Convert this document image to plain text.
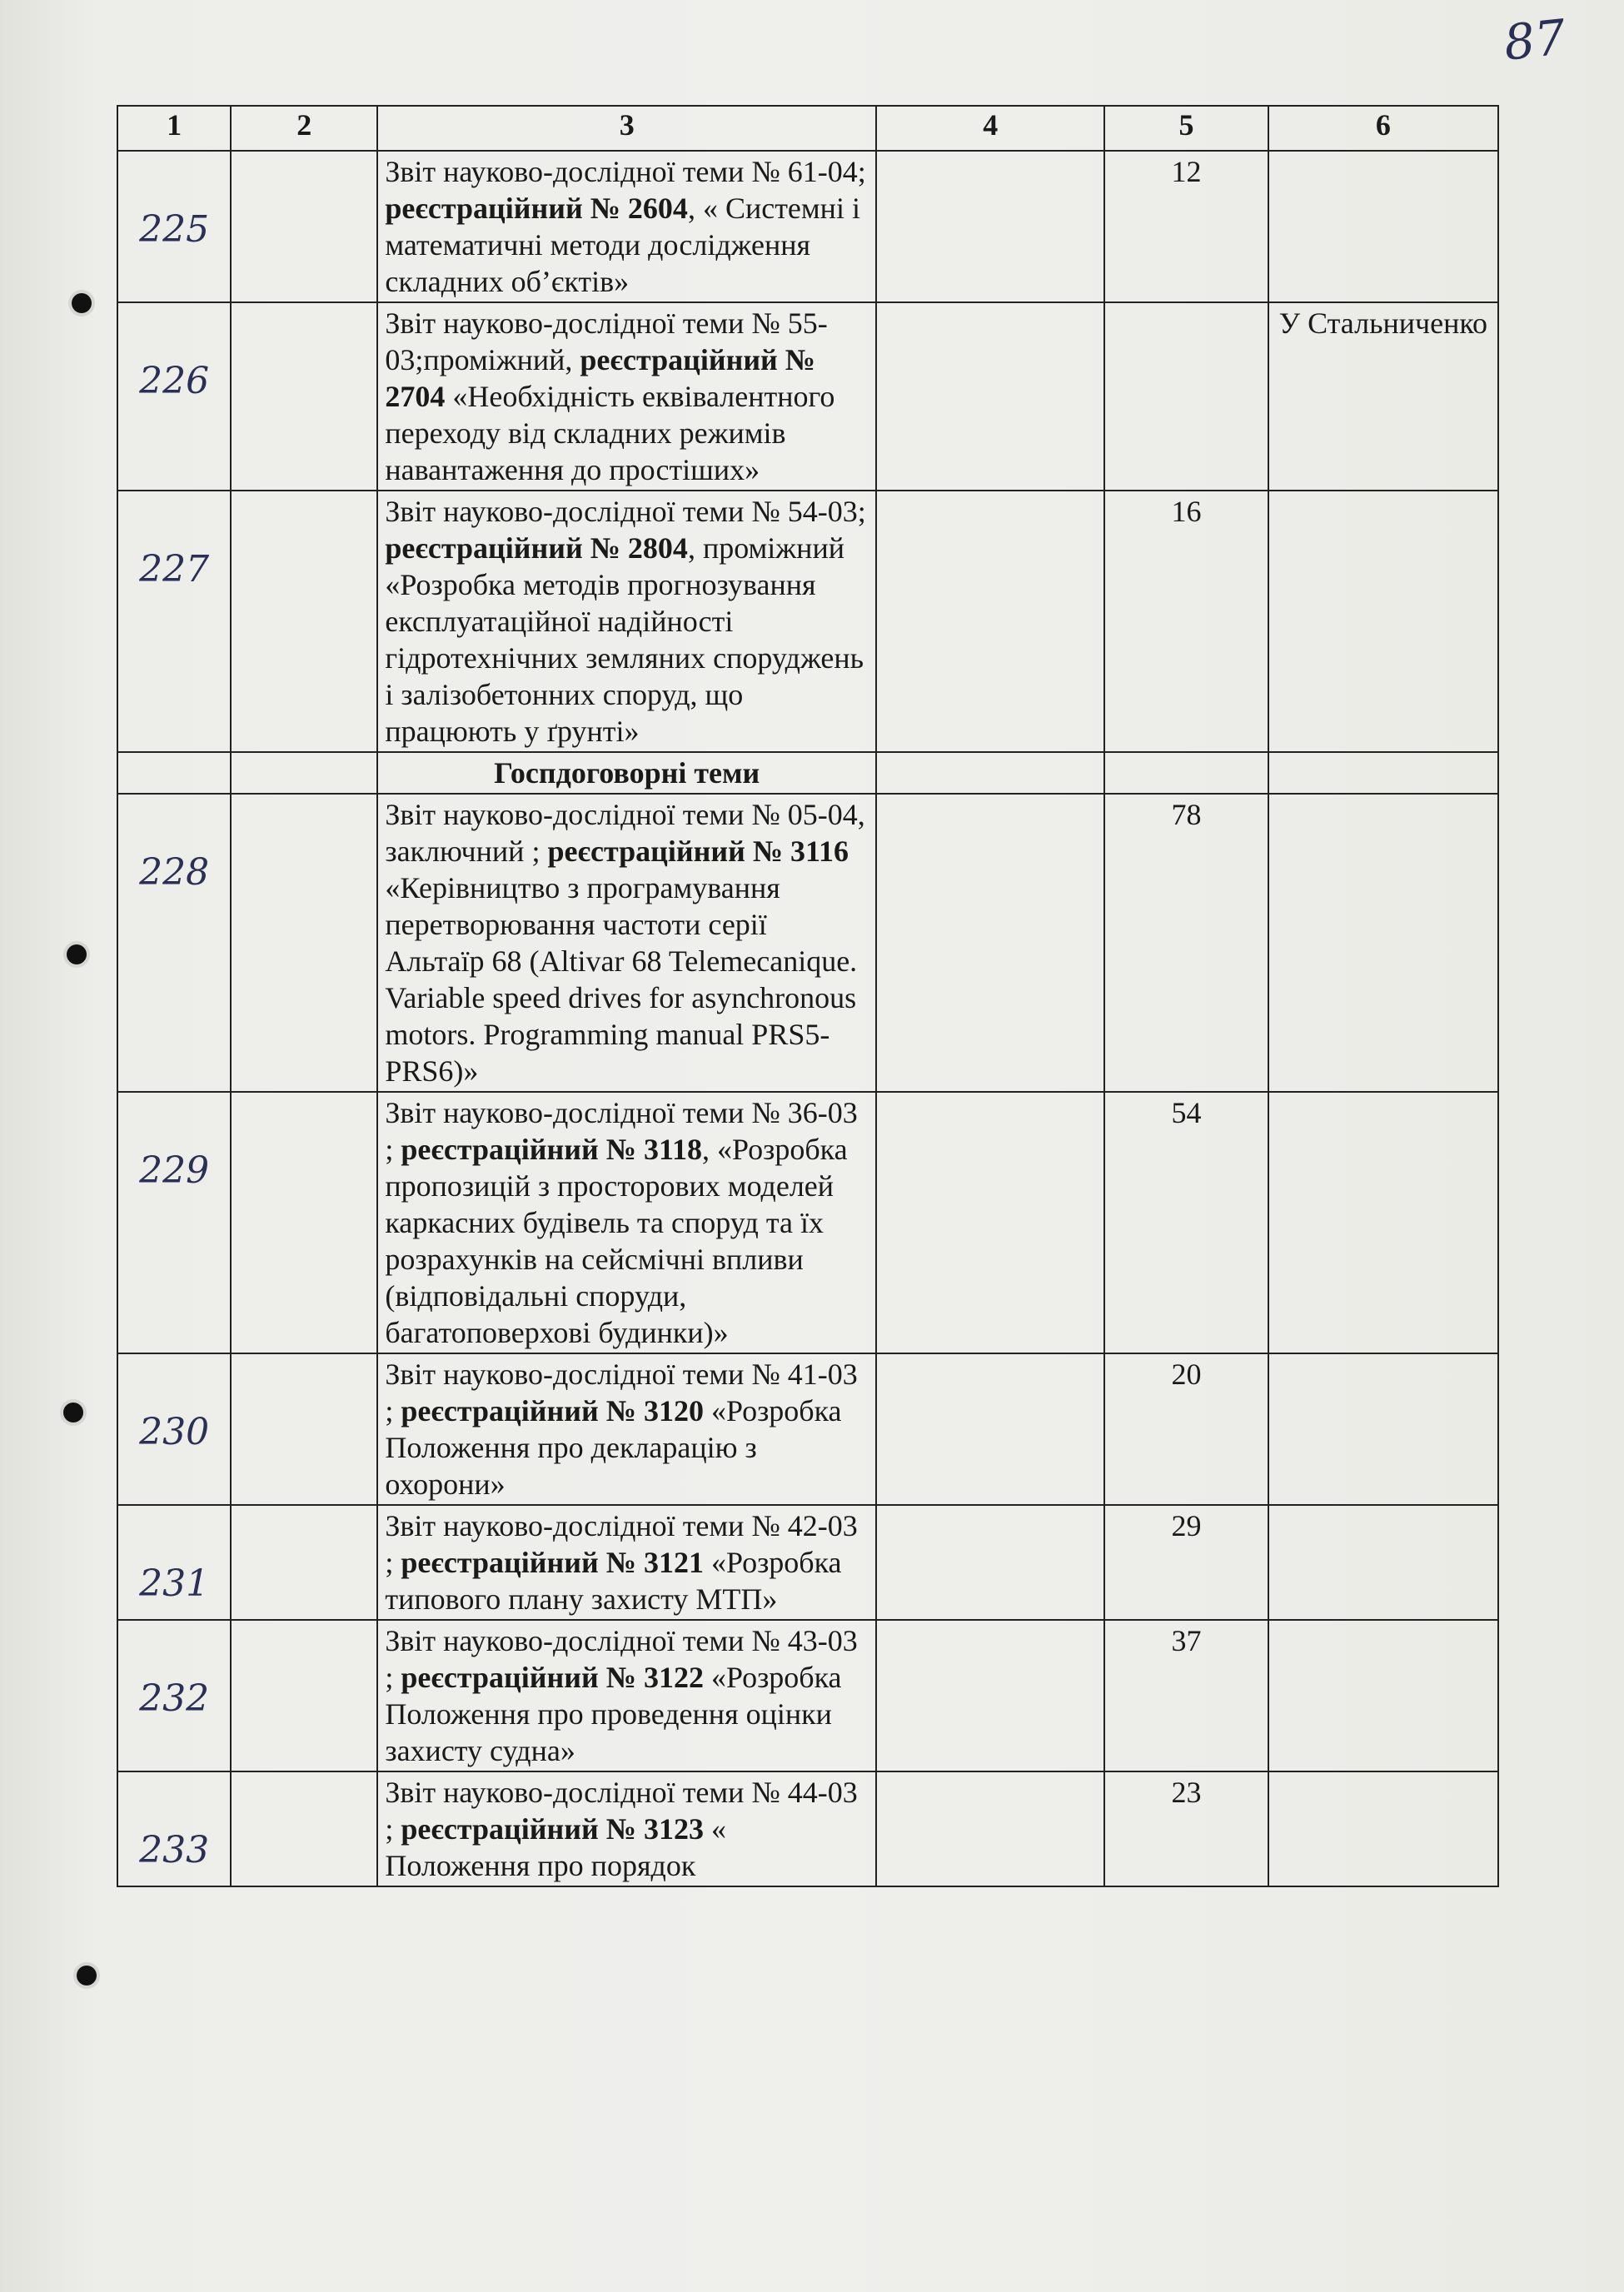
87
1	2	3	4	5	6
225		Звіт науково-дослідної теми № 61-04; реєстраційний № 2604, « Системні і математичні методи дослідження складних об’єктів»		12	
226		Звіт науково-дослідної теми № 55-03;проміжний, реєстраційний № 2704 «Необхідність еквівалентного переходу від складних режимів навантаження до простіших»			У Стальниченко
227		Звіт науково-дослідної теми № 54-03; реєстраційний № 2804, проміжний «Розробка методів прогнозування експлуатаційної надійності гідротехнічних земляних споруджень і залізобетонних споруд, що працюють у ґрунті»		16	
		Госпдоговорні теми			
228		Звіт науково-дослідної теми № 05-04, заключний ; реєстраційний № 3116 «Керівництво з програмування перетворювання частоти серії Альтаїр 68 (Altivar 68 Telemecanique. Variable speed drives for asynchronous motors. Programming manual PRS5-PRS6)»		78	
229		Звіт науково-дослідної теми № 36-03 ; реєстраційний № 3118, «Розробка пропозицій з просторових моделей каркасних будівель та споруд та їх розрахунків на сейсмічні впливи (відповідальні споруди, багатоповерхові будинки)»		54	
230		Звіт науково-дослідної теми № 41-03 ; реєстраційний № 3120 «Розробка Положення про декларацію з охорони»		20	
231		Звіт науково-дослідної теми № 42-03 ; реєстраційний № 3121 «Розробка типового плану захисту МТП»		29	
232		Звіт науково-дослідної теми № 43-03 ; реєстраційний № 3122 «Розробка Положення про проведення оцінки захисту судна»		37	
233		Звіт науково-дослідної теми № 44-03 ; реєстраційний № 3123 « Положення про порядок		23	
